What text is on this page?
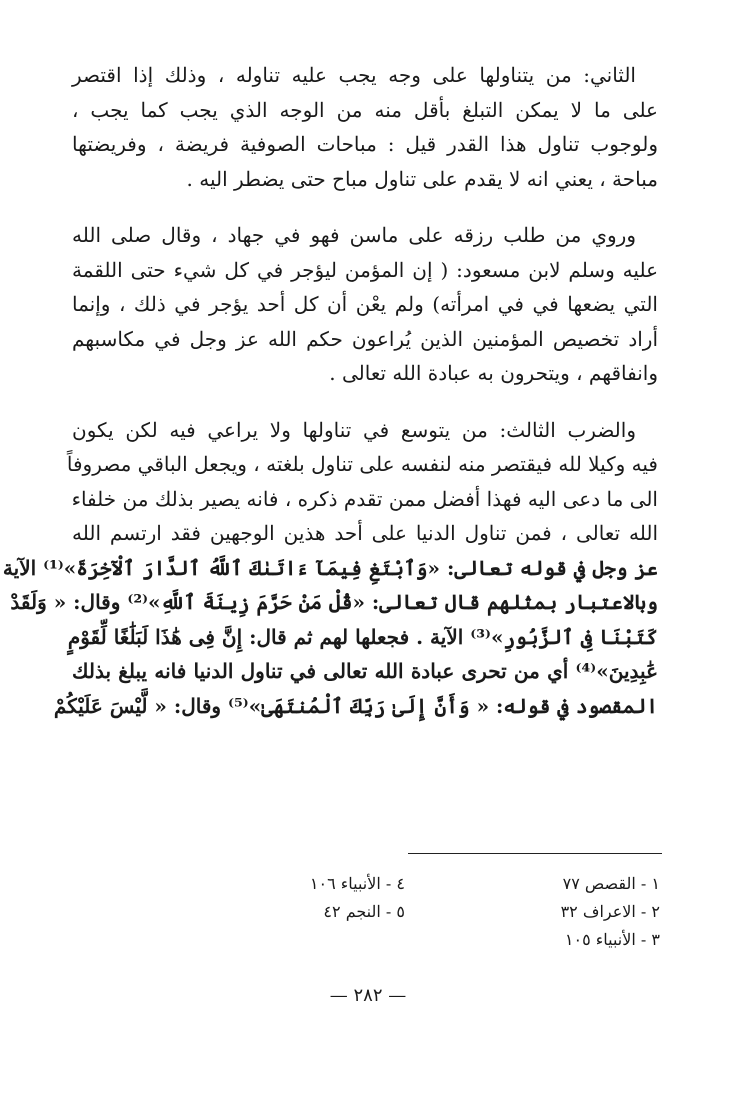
الثاني: من يتناولها على وجه يجب عليه تناوله ، وذلك إذا اقتصر
على ما لا يمكن التبلغ بأقل منه من الوجه الذي يجب كما يجب ،
ولوجوب تناول هذا القدر قيل : مباحات الصوفية فريضة ، وفريضتها
مباحة ، يعني انه لا يقدم على تناول مباح حتى يضطر اليه .

وروي من طلب رزقه على ماسن فهو في جهاد ، وقال صلى الله
عليه وسلم لابن مسعود: ( إن المؤمن ليؤجر في كل شيء حتى اللقمة
التي يضعها في في امرأته) ولم يعْن أن كل أحد يؤجر في ذلك ، وإنما
أراد تخصيص المؤمنين الذين يُراعون حكم الله عز وجل في مكاسبهم
وانفاقهم ، ويتحرون به عبادة الله تعالى .

والضرب الثالث: من يتوسع في تناولها ولا يراعي فيه لكن يكون
فيه وكيلا لله فيقتصر منه لنفسه على تناول بلغته ، ويجعل الباقي مصروفاً
الى ما دعى اليه فهذا أفضل ممن تقدم ذكره ، فانه يصير بذلك من خلفاء
الله تعالى ، فمن تناول الدنيا على أحد هذين الوجهين فقد ارتسم الله
عز وجل في قوله تعالى: «وَٱبْتَغِ فِيمَآ ءَاتَىٰكَ ٱللَّهُ ٱلدَّارَ ٱلْآخِرَةَ»⁽¹⁾ الآية
وبالاعتبار بمثلهم قال تعالى: «قُلْ مَنْ حَرَّمَ زِينَةَ ٱللَّهِ»⁽²⁾ وقال: « وَلَقَدْ
كَتَبْنَا فِى ٱلزَّبُورِ»⁽³⁾ الآية . فجعلها لهم ثم قال: إِنَّ فِى هَٰذَا لَبَلَٰغًا لِّقَوْمٍ
عَٰبِدِينَ»⁽⁴⁾ أي من تحرى عبادة الله تعالى في تناول الدنيا فانه يبلغ بذلك
المقصود في قوله: « وَأَنَّ إِلَىٰ رَبِّكَ ٱلْمُنتَهَىٰ»⁽⁵⁾ وقال: « لَّيْسَ عَلَيْكُمْ

١ - القصص ٧٧
٤ - الأنبياء ١٠٦
٢ - الاعراف ٣٢
٥ - النجم ٤٢
٣ - الأنبياء ١٠٥
— ٢٨٢ —
